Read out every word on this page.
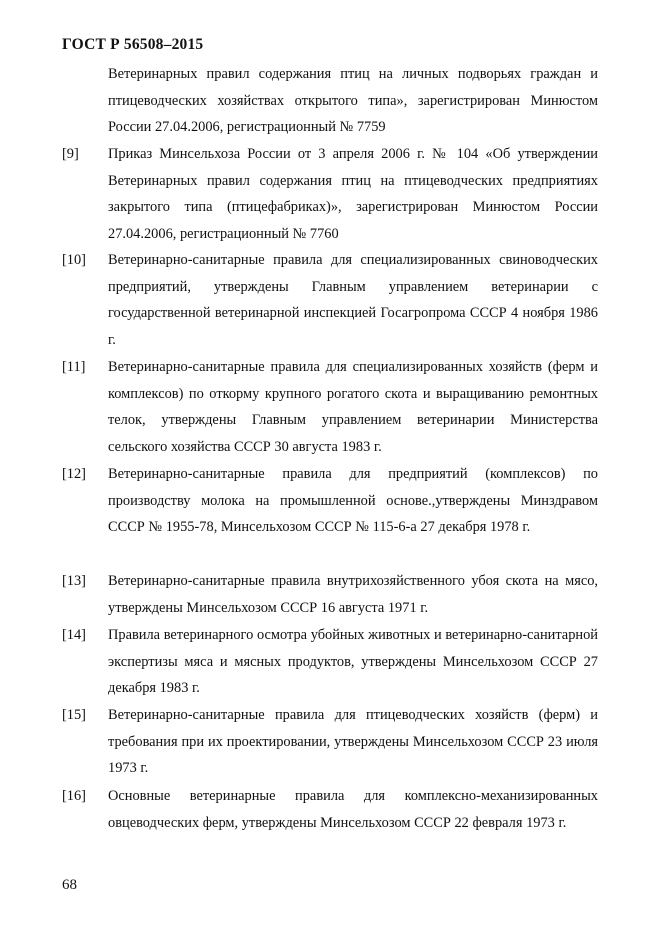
ГОСТ Р 56508–2015
Ветеринарных правил содержания птиц на личных подворьях граждан и птицеводческих хозяйствах открытого типа», зарегистрирован Минюстом России 27.04.2006, регистрационный № 7759
[9] Приказ Минсельхоза России от 3 апреля 2006 г. № 104 «Об утверждении Ветеринарных правил содержания птиц на птицеводческих предприятиях закрытого типа (птицефабриках)», зарегистрирован Минюстом России 27.04.2006, регистрационный № 7760
[10] Ветеринарно-санитарные правила для специализированных свиноводческих предприятий, утверждены Главным управлением ветеринарии с государственной ветеринарной инспекцией Госагропрома СССР 4 ноября 1986 г.
[11] Ветеринарно-санитарные правила для специализированных хозяйств (ферм и комплексов) по откорму крупного рогатого скота и выращиванию ремонтных телок, утверждены Главным управлением ветеринарии Министерства сельского хозяйства СССР 30 августа 1983 г.
[12] Ветеринарно-санитарные правила для предприятий (комплексов) по производству молока на промышленной основе.,утверждены Минздравом СССР № 1955-78, Минсельхозом СССР № 115-6-а 27 декабря 1978 г.
[13] Ветеринарно-санитарные правила внутрихозяйственного убоя скота на мясо, утверждены Минсельхозом СССР 16 августа 1971 г.
[14] Правила ветеринарного осмотра убойных животных и ветеринарно-санитарной экспертизы мяса и мясных продуктов, утверждены Минсельхозом СССР 27 декабря 1983 г.
[15] Ветеринарно-санитарные правила для птицеводческих хозяйств (ферм) и требования при их проектировании, утверждены Минсельхозом СССР 23 июля 1973 г.
[16] Основные ветеринарные правила для комплексно-механизированных овцеводческих ферм, утверждены Минсельхозом СССР 22 февраля 1973 г.
68
